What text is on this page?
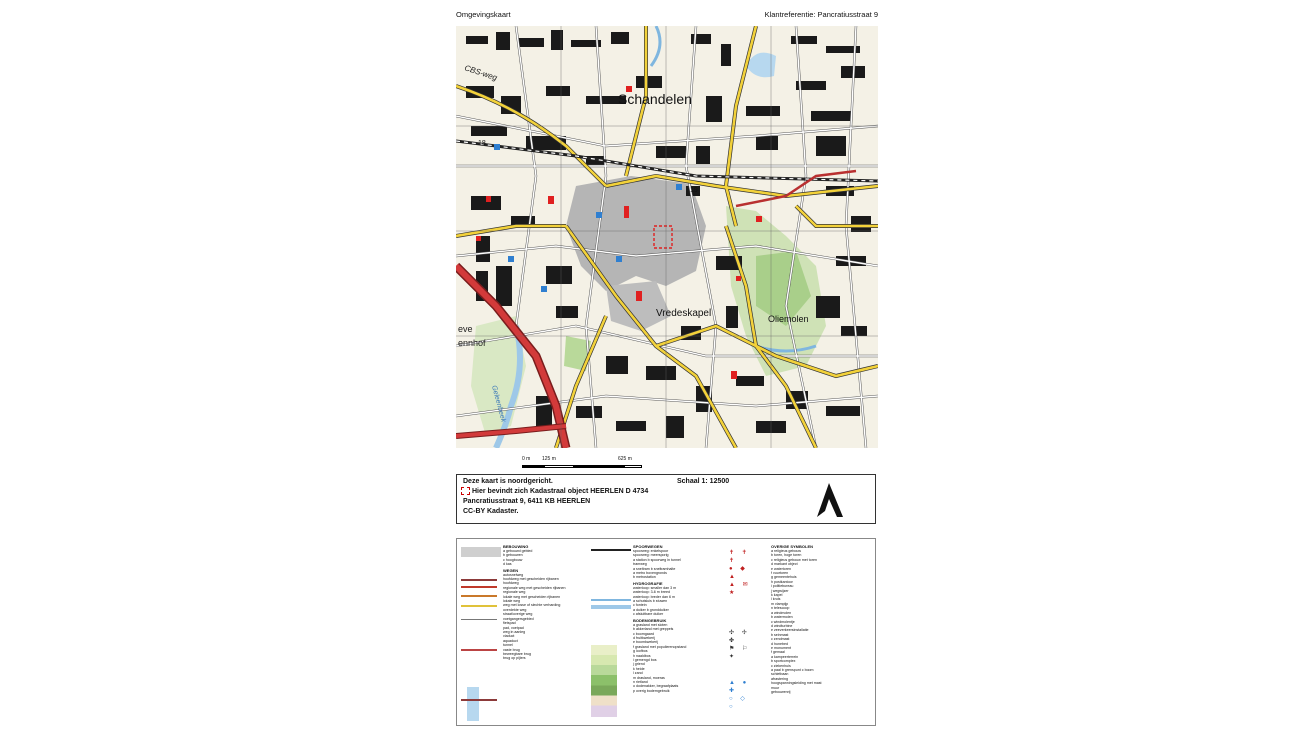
Omgevingskaart	Klantreferentie: Pancratiusstraat 9
Schandelen
CBS-weg
Vredeskapel	Oliemolen
18
19
eve
ennhof
Geleenbeek
0 m 125 m	625 m
Deze kaart is noordgericht.	Schaal 1: 12500
Hier bevindt zich Kadastraal object HEERLEN D 4734
Pancratiusstraat 9, 6411 KB HEERLEN
CC-BY Kadaster.
BEBOUWING
a gebouwd gebied
b gebouwen
c hoogbouw
d kas
WEGEN
autosnelweg
hoofdweg met gescheiden rijbanen
hoofdweg
regionale weg met gescheiden rijbanen
regionale weg
lokale weg met gescheiden rijbanen
lokale weg
weg met losse of slechte verharding
overdekte weg
straat/overige weg
voetgangersgebied
fietspad
pad, voetpad
weg in aanleg
viaduct
aquaduct
tunnel
vaste brug
beweegbare brug
brug op pijlers
SPOORWEGEN
spoorweg: enkelspoor
spoorweg: meersporig
a station b spoorweg in tunnel
tramweg
a sneltram b sneltramhalte
a metro bovengronds
b metrostation
HYDROGRAFIE
waterloop: smaller dan 3 m
waterloop: 3-6 m breed
waterloop: breder dan 6 m
a schutsluis b stuwen
c fontein
a duiker b grondduiker
c afsluitbare duiker
BODEMGEBRUIK
a grasland met sloten
b akkerland met greppels
c boomgaard
d fruitkwekerij
e boomkwekerij
f grasland met populierenopstand
g loofbos
h naaldbos
i gemengd bos
j griend
k heide
l zand
m drasland, moeras
n rietland
o dodenakker, begraafplaats
p overig bodemgebruik
✝ ✝ ✝
● ◆ ▲
▲ ✉ ★
✣ ✢ ✤
⚑ ⚐ ✦
▲ ● ✚
○ ◇ ○
OVERIGE SYMBOLEN
a religieus gebouw
b toren, hoge toren
c religieus gebouw met toren
d markant object
e watertoren
f vuurtoren
g gemeentehuis
h postkantoor
i politiebureau
j wegwijzer
k kapel
l kruis
m vlampijp
n telescoop
a windmolen
b watermolen
c windmolentje
d windturbine
e zeeverkeersinstallatie
b seinmast
c zendmast
d hunebed
e monument
f gemaal
a kampeerterrein
b sportcomplex
c ziekenhuis
a paal b grenspunt c boom
schietbaan
afrastering
hoogspanningsleiding met mast
muur
gebouwenrij
